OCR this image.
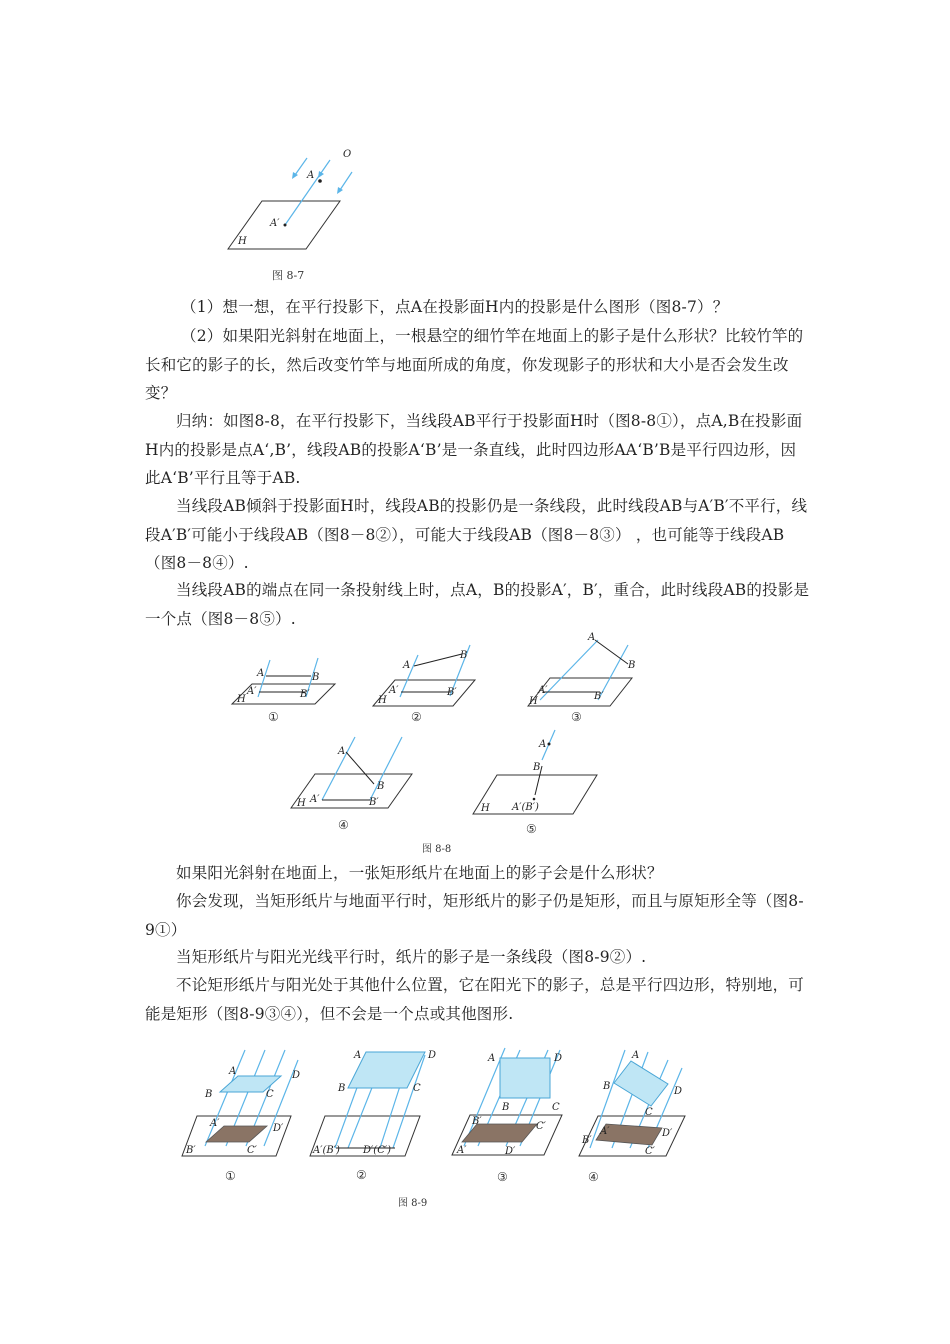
O
A
A′
H
图 8-7

（1）想一想，在平行投影下，点A在投影面H内的投影是什么图形（图8-7）？

（2）如果阳光斜射在地面上，一根悬空的细竹竿在地面上的影子是什么形状？比较竹竿的长和它的影子的长，然后改变竹竿与地面所成的角度，你发现影子的形状和大小是否会发生改变？

归纳：如图8-8，在平行投影下，当线段AB平行于投影面H时（图8-8①），点A,B在投影面H内的投影是点A‘,B’，线段AB的投影A‘B’是一条直线，此时四边形AA‘B’B是平行四边形，因此A‘B’平行且等于AB.

当线段AB倾斜于投影面H时，线段AB的投影仍是一条线段，此时线段AB与A′B′不平行，线段A′B′可能小于线段AB（图8－8②），可能大于线段AB（图8－8③） ，也可能等于线段AB（图8－8④）.

当线段AB的端点在同一条投射线上时，点A，B的投影A′，B′，重合，此时线段AB的投影是一个点（图8－8⑤）.

A	B
A′	B′
H
A
B
A′	B′
H
A
B
A′
B′
H
A
B
A′	B′
H
A
B
A′(B′)
H
①	②	③
④	⑤
图 8-8

如果阳光斜射在地面上，一张矩形纸片在地面上的影子会是什么形状？

你会发现，当矩形纸片与地面平行时，矩形纸片的影子仍是矩形，而且与原矩形全等（图8-9①）

当矩形纸片与阳光光线平行时，纸片的影子是一条线段（图8-9②）.

不论矩形纸片与阳光处于其他什么位置，它在阳光下的影子，总是平行四边形，特别地，可能是矩形（图8-9③④），但不会是一个点或其他图形.

A
B	C
D
A′
B′	C′
D′
A
B	C
D
A′(B′) D′(C′)
A
B	C
D
A′
B′	C′
D′
A
B
C
D
A′
B′
C′
D′
①	②	③	④
图 8-9
